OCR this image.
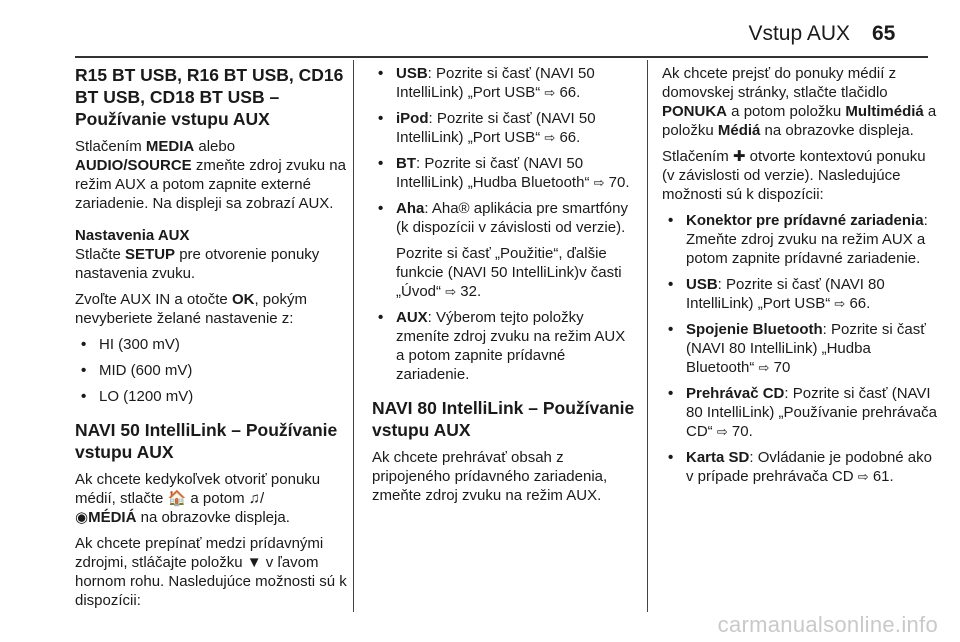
Vstup AUX 65
R15 BT USB, R16 BT USB, CD16 BT USB, CD18 BT USB – Používanie vstupu AUX

Stlačením MEDIA alebo AUDIO/SOURCE zmeňte zdroj zvuku na režim AUX a potom zapnite externé zariadenie. Na displeji sa zobrazí AUX.

Nastavenia AUX

Stlačte SETUP pre otvorenie ponuky nastavenia zvuku.

Zvoľte AUX IN a otočte OK, pokým nevyberiete želané nastavenie z:

• HI (300 mV)
• MID (600 mV)
• LO (1200 mV)
NAVI 50 IntelliLink – Používanie vstupu AUX

Ak chcete kedykoľvek otvoriť ponuku médií, stlačte 🏠 a potom ♫/
◉MÉDIÁ na obrazovke displeja.

Ak chcete prepínať medzi prídavnými zdrojmi, stláčajte položku ▼ v ľavom hornom rohu. Nasledujúce možnosti sú k dispozícii:

• USB: Pozrite si časť (NAVI 50 IntelliLink) „Port USB“ ⇨ 66.
• iPod: Pozrite si časť (NAVI 50 IntelliLink) „Port USB“ ⇨ 66.
• BT: Pozrite si časť (NAVI 50 IntelliLink) „Hudba Bluetooth“ ⇨ 70.
• Aha: Aha® aplikácia pre smartfóny (k dispozícii v závislosti od verzie).
Pozrite si časť „Použitie“, ďalšie funkcie (NAVI 50 IntelliLink)v časti „Úvod“ ⇨ 32.
• AUX: Výberom tejto položky zmeníte zdroj zvuku na režim AUX a potom zapnite prídavné zariadenie.
NAVI 80 IntelliLink – Používanie vstupu AUX

Ak chcete prehrávať obsah z pripojeného prídavného zariadenia, zmeňte zdroj zvuku na režim AUX.

Ak chcete prejsť do ponuky médií z domovskej stránky, stlačte tlačidlo PONUKA a potom položku Multimédiá a položku Médiá na obrazovke displeja.

Stlačením ✚ otvorte kontextovú ponuku (v závislosti od verzie). Nasledujúce možnosti sú k dispozícii:

• Konektor pre prídavné zariadenia: Zmeňte zdroj zvuku na režim AUX a potom zapnite prídavné zariadenie.
• USB: Pozrite si časť (NAVI 80 IntelliLink) „Port USB“ ⇨ 66.
• Spojenie Bluetooth: Pozrite si časť (NAVI 80 IntelliLink) „Hudba Bluetooth“ ⇨ 70
• Prehrávač CD: Pozrite si časť (NAVI 80 IntelliLink) „Používanie prehrávača CD“ ⇨ 70.
• Karta SD: Ovládanie je podobné ako v prípade prehrávača CD ⇨ 61.
carmanualsonline.info
